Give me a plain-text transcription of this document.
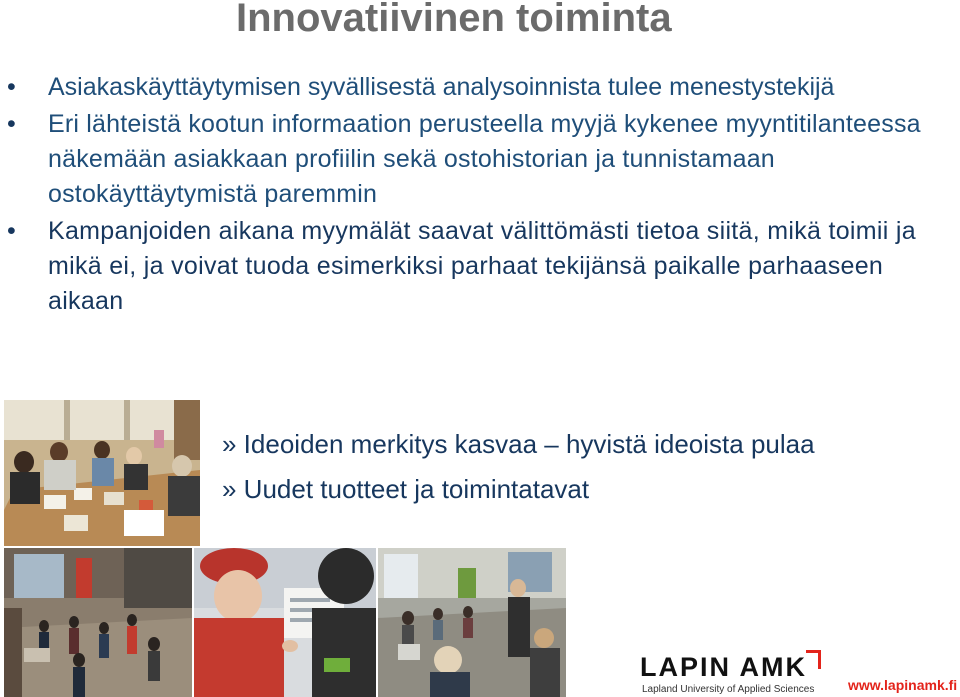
Innovatiivinen toiminta
• Asiakaskäyttäytymisen syvällisestä analysoinnista tulee menestystekijä
• Eri lähteistä kootun informaation perusteella myyjä kykenee myyntitilanteessa näkemään asiakkaan profiilin sekä ostohistorian ja tunnistamaan ostokäyttäytymistä paremmin
• Kampanjoiden aikana myymälät saavat välittömästi tietoa siitä, mikä toimii ja mikä ei, ja voivat tuoda esimerkiksi parhaat tekijänsä paikalle parhaaseen aikaan
» Ideoiden merkitys kasvaa – hyvistä ideoista pulaa
» Uudet tuotteet ja toimintatavat
LAPIN AMK
Lapland University of Applied Sciences www.lapinamk.fi
